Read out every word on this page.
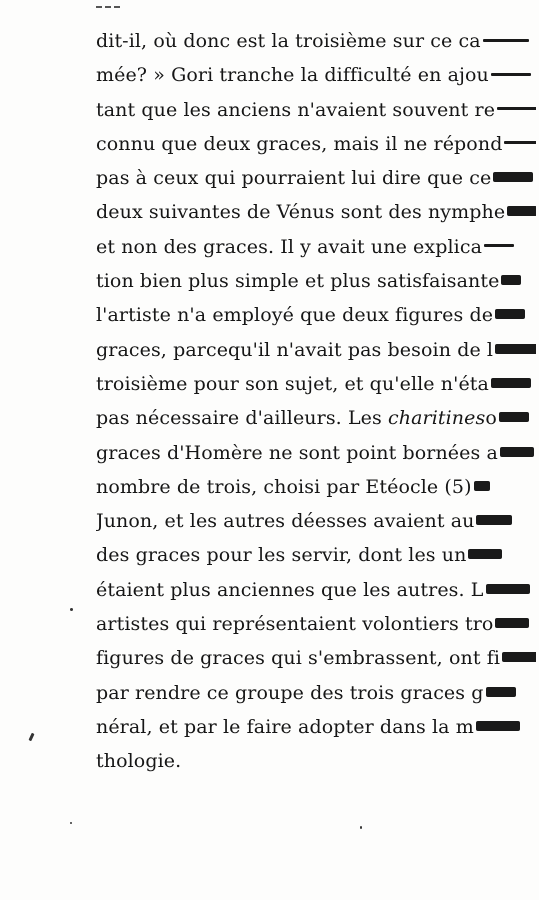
dit-il, où donc est la troisième sur ce ca
mée? » Gori tranche la difficulté en ajou
tant que les anciens n'avaient souvent re
connu que deux graces, mais il ne répond
pas à ceux qui pourraient lui dire que ce
deux suivantes de Vénus sont des nymphe
et non des graces. Il y avait une explica
tion bien plus simple et plus satisfaisante
l'artiste n'a employé que deux figures de
graces, parcequ'il n'avait pas besoin de l
troisième pour son sujet, et qu'elle n'éta
pas nécessaire d'ailleurs. Les charitineso
graces d'Homère ne sont point bornées a
nombre de trois, choisi par Etéocle (5)
Junon, et les autres déesses avaient au
des graces pour les servir, dont les un
étaient plus anciennes que les autres. L
artistes qui représentaient volontiers tro
figures de graces qui s'embrassent, ont fi
par rendre ce groupe des trois graces g
néral, et par le faire adopter dans la m
thologie.
